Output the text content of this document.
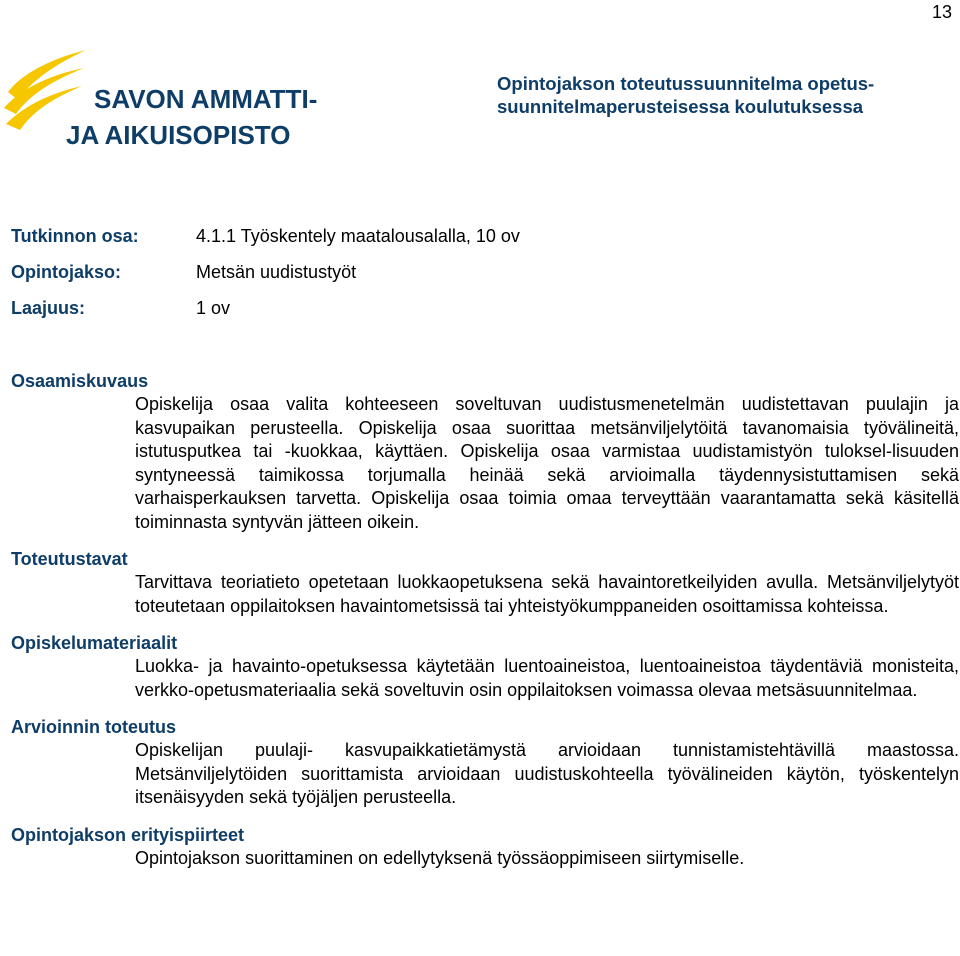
13
SAVON AMMATTI-
JA AIKUISOPISTO
Opintojakson toteutussuunnitelma opetus-
suunnitelmaperusteisessa koulutuksessa
Tutkinnon osa:	4.1.1 Työskentely maatalousalalla, 10 ov
Opintojakso:	Metsän uudistustyöt
Laajuus:	1 ov
Osaamiskuvaus
Opiskelija osaa valita kohteeseen soveltuvan uudistusmenetelmän uudistettavan puulajin ja kasvupaikan perusteella. Opiskelija osaa suorittaa metsänviljelytöitä tavanomaisia työvälineitä, istutusputkea tai -kuokkaa, käyttäen. Opiskelija osaa varmistaa uudistamistyön tuloksel-lisuuden syntyneessä taimikossa torjumalla heinää sekä arvioimalla täydennysistuttamisen sekä varhaisperkauksen tarvetta. Opiskelija osaa toimia omaa terveyttään vaarantamatta sekä käsitellä toiminnasta syntyvän jätteen oikein.
Toteutustavat
Tarvittava teoriatieto opetetaan luokkaopetuksena sekä havaintoretkeilyiden avulla. Metsänviljelytyöt toteutetaan oppilaitoksen havaintometsissä tai yhteistyökumppaneiden osoittamissa kohteissa.
Opiskelumateriaalit
Luokka- ja havainto-opetuksessa käytetään luentoaineistoa, luentoaineistoa täydentäviä monisteita, verkko-opetusmateriaalia sekä soveltuvin osin oppilaitoksen voimassa olevaa metsäsuunnitelmaa.
Arvioinnin toteutus
Opiskelijan puulaji- kasvupaikkatietämystä arvioidaan tunnistamistehtävillä maastossa. Metsänviljelytöiden suorittamista arvioidaan uudistuskohteella työvälineiden käytön, työskentelyn itsenäisyyden sekä työjäljen perusteella.
Opintojakson erityispiirteet
Opintojakson suorittaminen on edellytyksenä työssäoppimiseen siirtymiselle.
